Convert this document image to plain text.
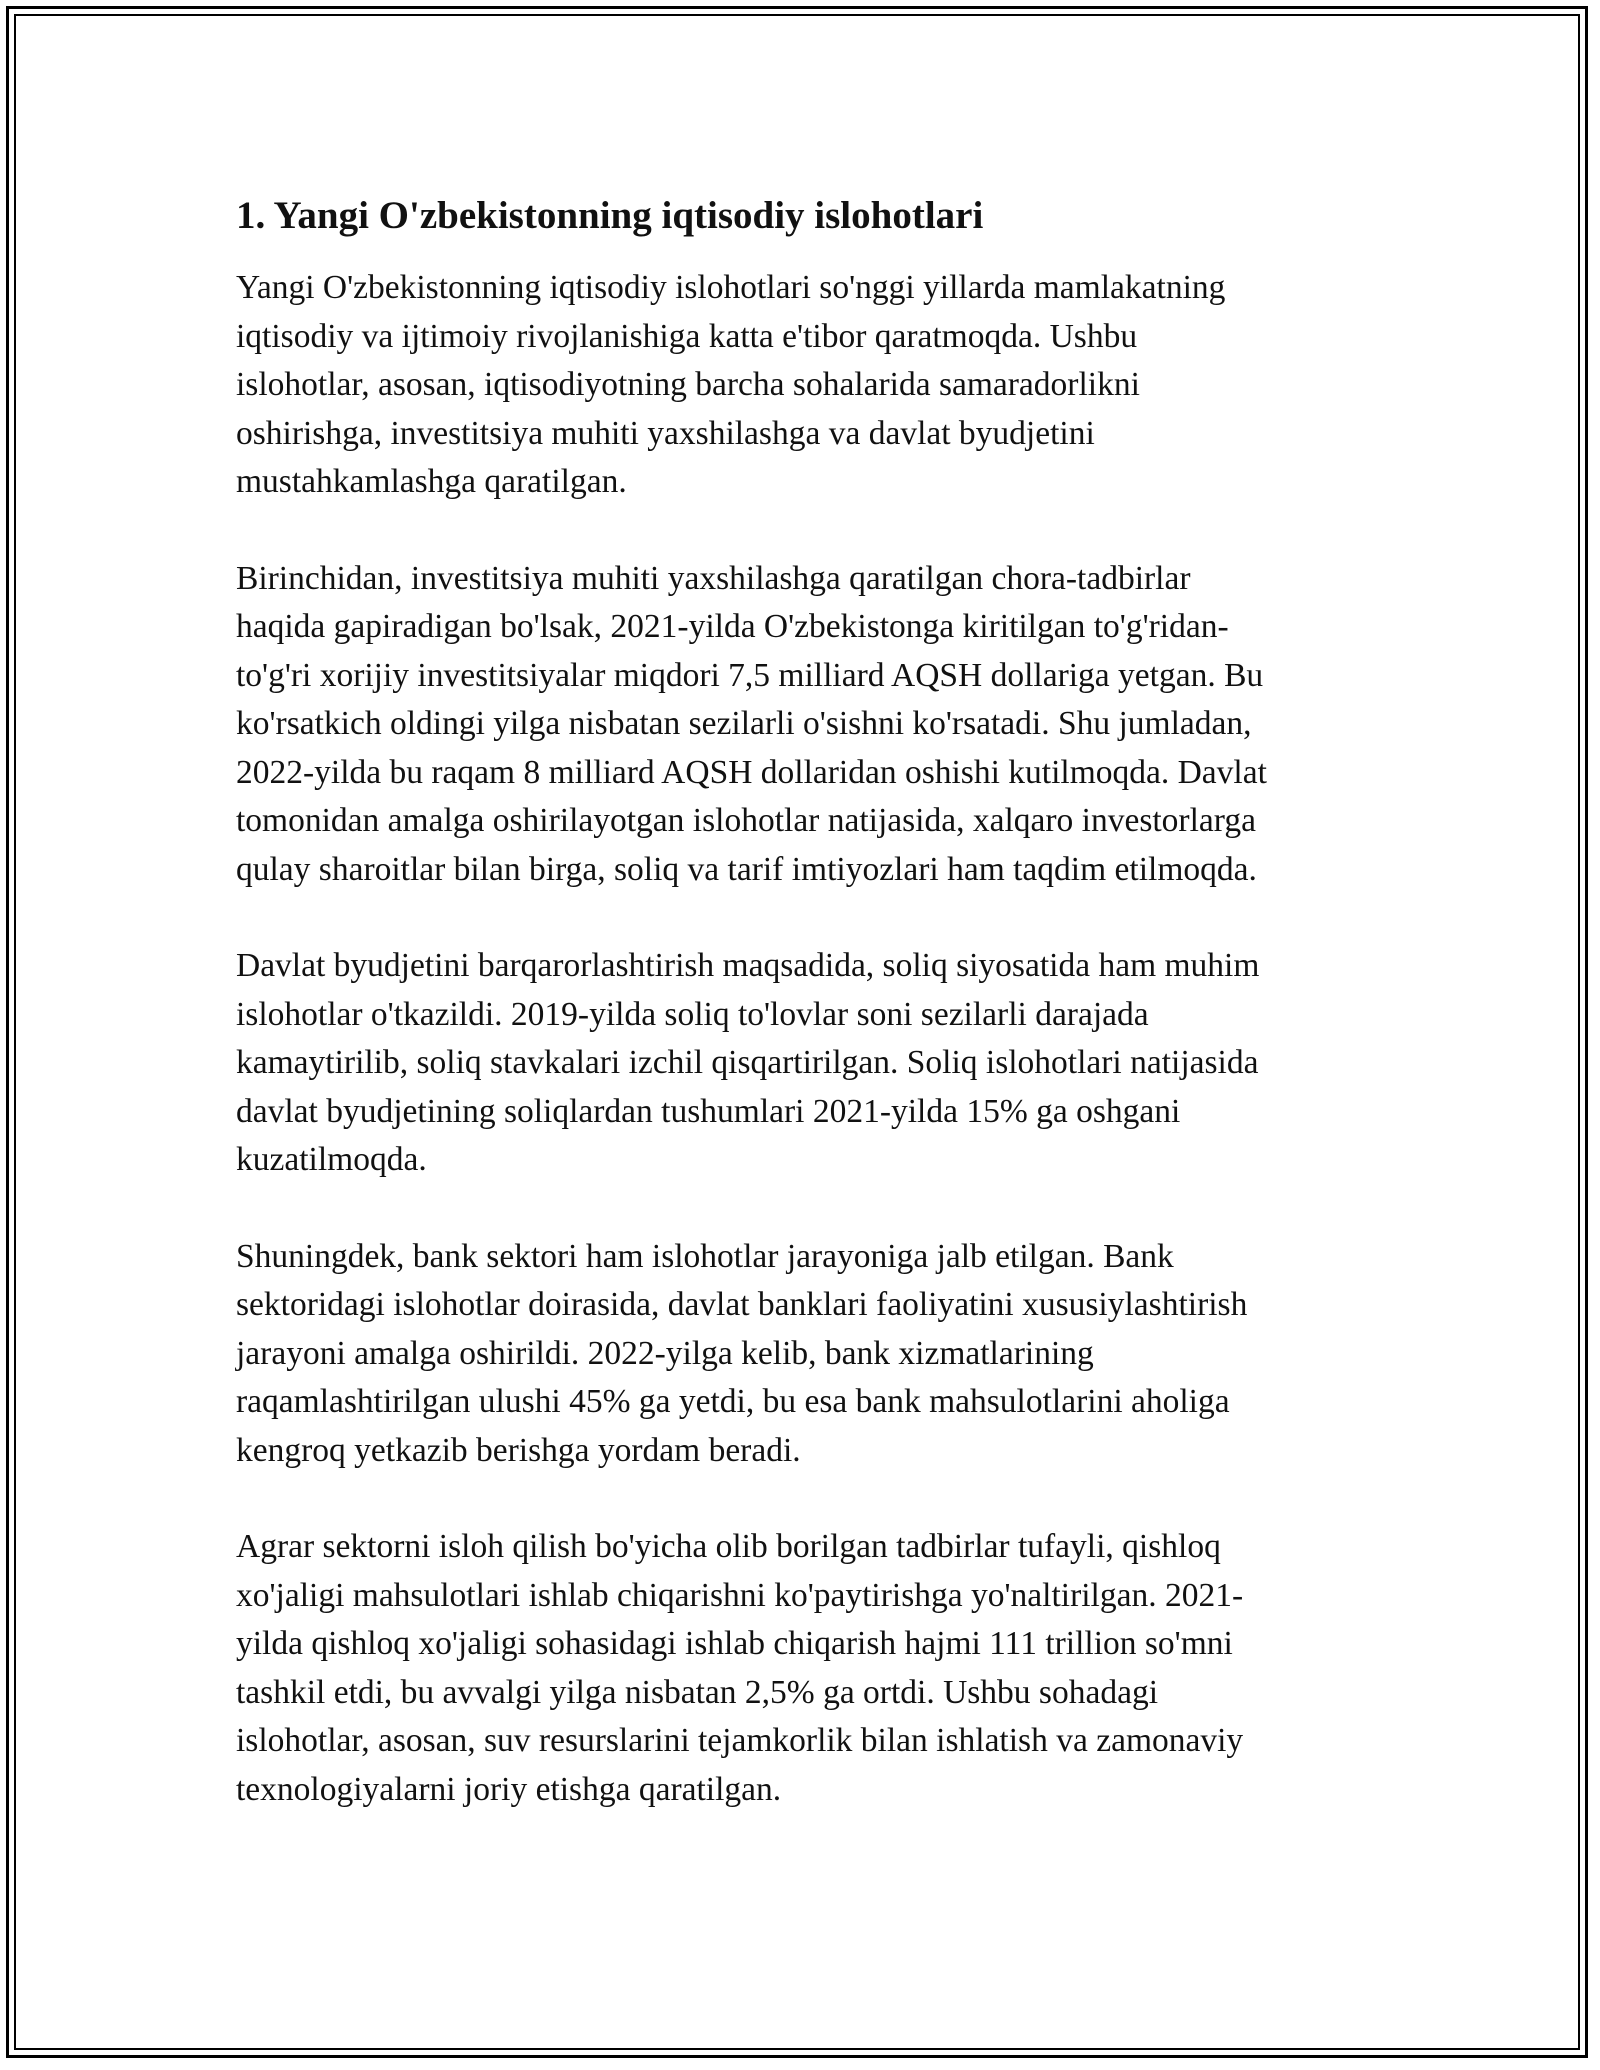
1. Yangi O'zbekistonning iqtisodiy islohotlari

Yangi O'zbekistonning iqtisodiy islohotlari so'nggi yillarda mamlakatning
iqtisodiy va ijtimoiy rivojlanishiga katta e'tibor qaratmoqda. Ushbu
islohotlar, asosan, iqtisodiyotning barcha sohalarida samaradorlikni
oshirishga, investitsiya muhiti yaxshilashga va davlat byudjetini
mustahkamlashga qaratilgan.

Birinchidan, investitsiya muhiti yaxshilashga qaratilgan chora-tadbirlar
haqida gapiradigan bo'lsak, 2021-yilda O'zbekistonga kiritilgan to'g'ridan-
to'g'ri xorijiy investitsiyalar miqdori 7,5 milliard AQSH dollariga yetgan. Bu
ko'rsatkich oldingi yilga nisbatan sezilarli o'sishni ko'rsatadi. Shu jumladan,
2022-yilda bu raqam 8 milliard AQSH dollaridan oshishi kutilmoqda. Davlat
tomonidan amalga oshirilayotgan islohotlar natijasida, xalqaro investorlarga
qulay sharoitlar bilan birga, soliq va tarif imtiyozlari ham taqdim etilmoqda.

Davlat byudjetini barqarorlashtirish maqsadida, soliq siyosatida ham muhim
islohotlar o'tkazildi. 2019-yilda soliq to'lovlar soni sezilarli darajada
kamaytirilib, soliq stavkalari izchil qisqartirilgan. Soliq islohotlari natijasida
davlat byudjetining soliqlardan tushumlari 2021-yilda 15% ga oshgani
kuzatilmoqda.

Shuningdek, bank sektori ham islohotlar jarayoniga jalb etilgan. Bank
sektoridagi islohotlar doirasida, davlat banklari faoliyatini xususiylashtirish
jarayoni amalga oshirildi. 2022-yilga kelib, bank xizmatlarining
raqamlashtirilgan ulushi 45% ga yetdi, bu esa bank mahsulotlarini aholiga
kengroq yetkazib berishga yordam beradi.

Agrar sektorni isloh qilish bo'yicha olib borilgan tadbirlar tufayli, qishloq
xo'jaligi mahsulotlari ishlab chiqarishni ko'paytirishga yo'naltirilgan. 2021-
yilda qishloq xo'jaligi sohasidagi ishlab chiqarish hajmi 111 trillion so'mni
tashkil etdi, bu avvalgi yilga nisbatan 2,5% ga ortdi. Ushbu sohadagi
islohotlar, asosan, suv resurslarini tejamkorlik bilan ishlatish va zamonaviy
texnologiyalarni joriy etishga qaratilgan.
